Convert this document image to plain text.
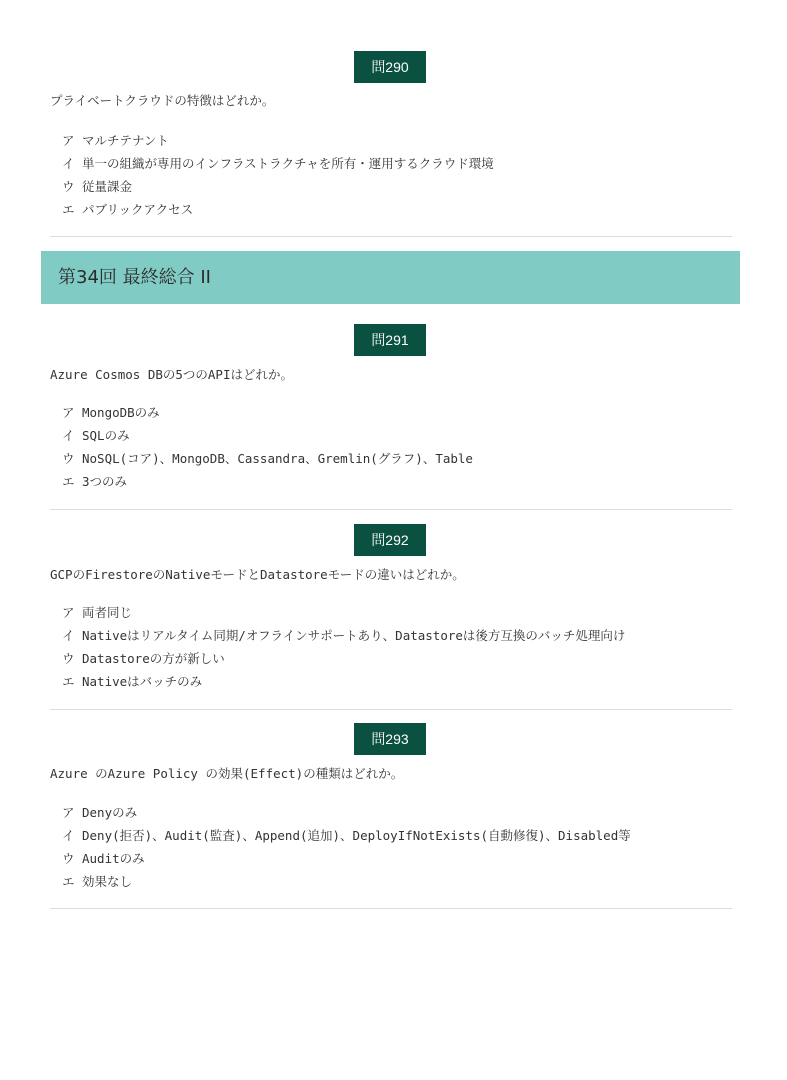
問290
プライベートクラウドの特徴はどれか。
ア マルチテナント
イ 単一の組織が専用のインフラストラクチャを所有・運用するクラウド環境
ウ 従量課金
エ パブリックアクセス
第34回 最終総合 II
問291
Azure Cosmos DBの5つのAPIはどれか。
ア MongoDBのみ
イ SQLのみ
ウ NoSQL(コア)、MongoDB、Cassandra、Gremlin(グラフ)、Table
エ 3つのみ
問292
GCPのFirestoreのNativeモードとDatastoreモードの違いはどれか。
ア 両者同じ
イ Nativeはリアルタイム同期/オフラインサポートあり、Datastoreは後方互換のバッチ処理向け
ウ Datastoreの方が新しい
エ Nativeはバッチのみ
問293
Azure のAzure Policy の効果(Effect)の種類はどれか。
ア Denyのみ
イ Deny(拒否)、Audit(監査)、Append(追加)、DeployIfNotExists(自動修復)、Disabled等
ウ Auditのみ
エ 効果なし
